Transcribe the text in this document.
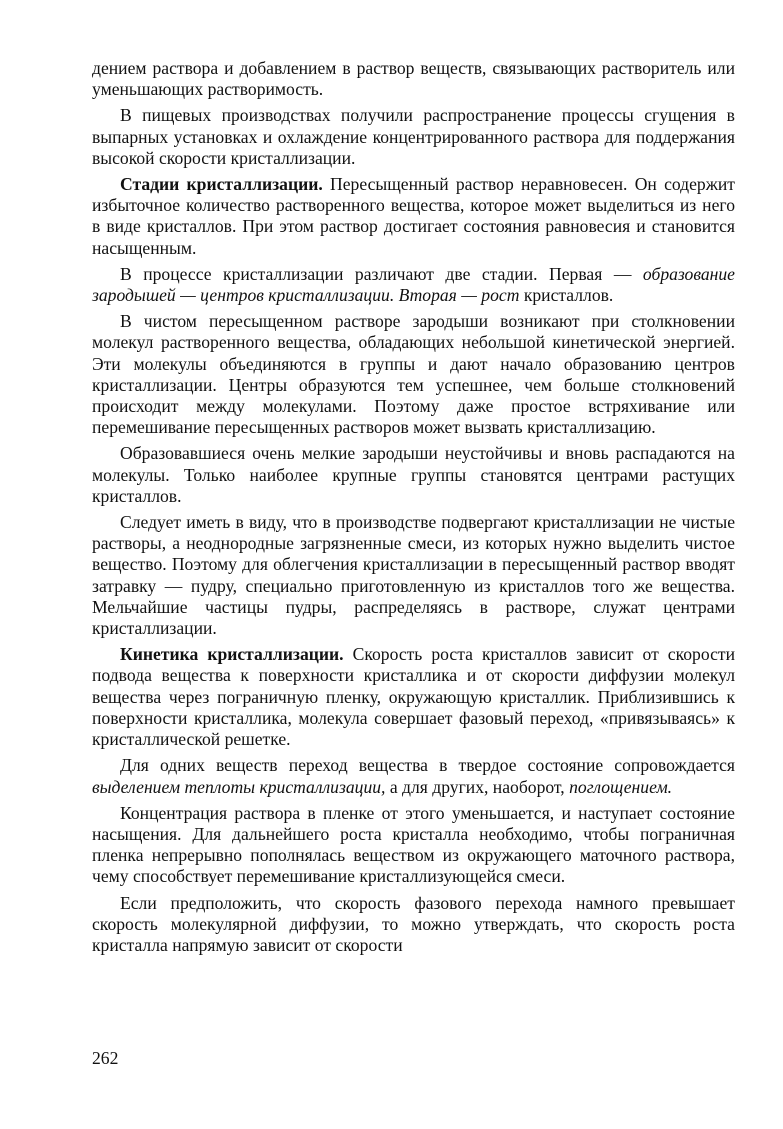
дением раствора и добавлением в раствор веществ, связывающих растворитель или уменьшающих растворимость.

В пищевых производствах получили распространение процессы сгущения в выпарных установках и охлаждение концентрированного раствора для поддержания высокой скорости кристаллизации.

Стадии кристаллизации. Пересыщенный раствор неравновесен. Он содержит избыточное количество растворенного вещества, которое может выделиться из него в виде кристаллов. При этом раствор достигает состояния равновесия и становится насыщенным.

В процессе кристаллизации различают две стадии. Первая — образование зародышей — центров кристаллизации. Вторая — рост кристаллов.

В чистом пересыщенном растворе зародыши возникают при столкновении молекул растворенного вещества, обладающих небольшой кинетической энергией. Эти молекулы объединяются в группы и дают начало образованию центров кристаллизации. Центры образуются тем успешнее, чем больше столкновений происходит между молекулами. Поэтому даже простое встряхивание или перемешивание пересыщенных растворов может вызвать кристаллизацию.

Образовавшиеся очень мелкие зародыши неустойчивы и вновь распадаются на молекулы. Только наиболее крупные группы становятся центрами растущих кристаллов.

Следует иметь в виду, что в производстве подвергают кристаллизации не чистые растворы, а неоднородные загрязненные смеси, из которых нужно выделить чистое вещество. Поэтому для облегчения кристаллизации в пересыщенный раствор вводят затравку — пудру, специально приготовленную из кристаллов того же вещества. Мельчайшие частицы пудры, распределяясь в растворе, служат центрами кристаллизации.

Кинетика кристаллизации. Скорость роста кристаллов зависит от скорости подвода вещества к поверхности кристаллика и от скорости диффузии молекул вещества через пограничную пленку, окружающую кристаллик. Приблизившись к поверхности кристаллика, молекула совершает фазовый переход, «привязываясь» к кристаллической решетке.

Для одних веществ переход вещества в твердое состояние сопровождается выделением теплоты кристаллизации, а для других, наоборот, поглощением.

Концентрация раствора в пленке от этого уменьшается, и наступает состояние насыщения. Для дальнейшего роста кристалла необходимо, чтобы пограничная пленка непрерывно пополнялась веществом из окружающего маточного раствора, чему способствует перемешивание кристаллизующейся смеси.

Если предположить, что скорость фазового перехода намного превышает скорость молекулярной диффузии, то можно утверждать, что скорость роста кристалла напрямую зависит от скорости

262
